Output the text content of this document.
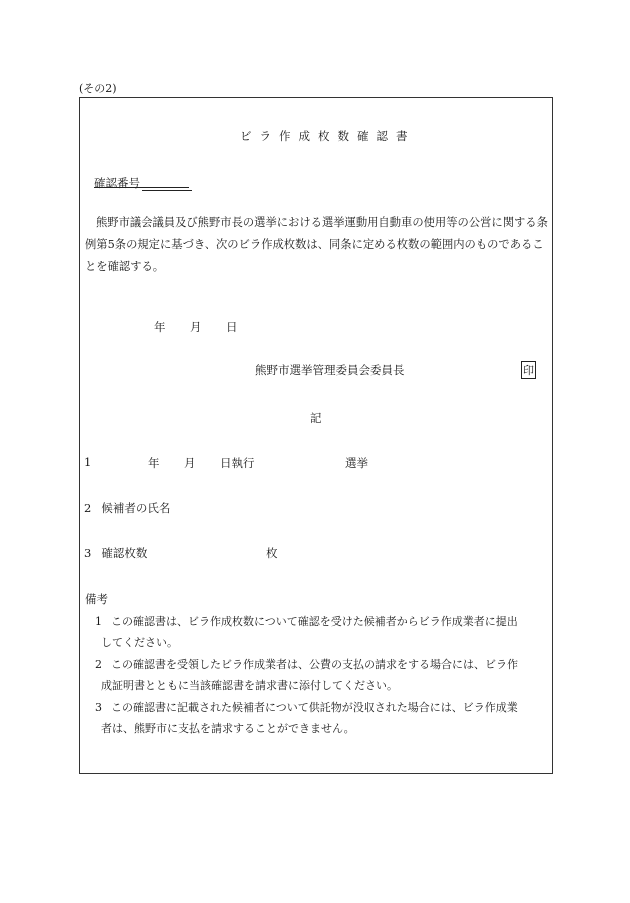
(その2)
ビラ作成枚数確認書
確認番号
熊野市議会議員及び熊野市長の選挙における選挙運動用自動車の使用等の公営に関する条例第5条の規定に基づき、次のビラ作成枚数は、同条に定める枚数の範囲内のものであることを確認する。
年 月 日
熊野市選挙管理委員会委員長	印
記
1	年 月 日執行	選挙
2 候補者の氏名
3 確認枚数	枚
備考
1 この確認書は、ビラ作成枚数について確認を受けた候補者からビラ作成業者に提出
してください。
2 この確認書を受領したビラ作成業者は、公費の支払の請求をする場合には、ビラ作
成証明書とともに当該確認書を請求書に添付してください。
3 この確認書に記載された候補者について供託物が没収された場合には、ビラ作成業
者は、熊野市に支払を請求することができません。
